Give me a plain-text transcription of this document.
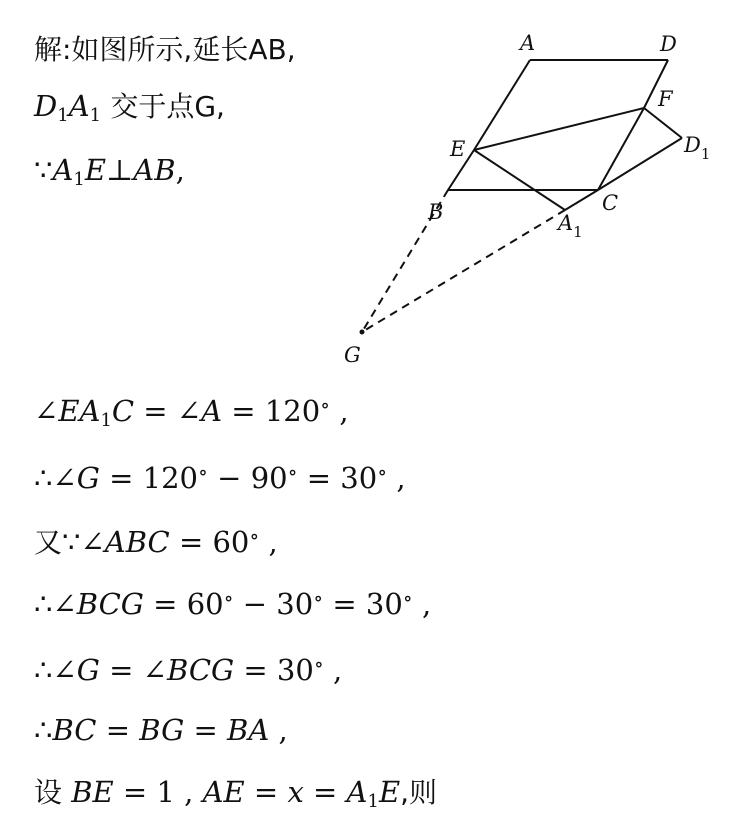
解:如图所示,延长AB,
D1A1 交于点G,
∵A1E⊥AB,
A	D
F
E	$D_1$
B	C
$A_1$
G
∠EA1C = ∠A = 120∘ ,
∴∠G = 120∘ − 90∘ = 30∘ ,
又∵∠ABC = 60∘ ,
∴∠BCG = 60∘ − 30∘ = 30∘ ,
∴∠G = ∠BCG = 30∘ ,
∴BC = BG = BA ,
设 BE = 1 , AE = x = A1E,则
